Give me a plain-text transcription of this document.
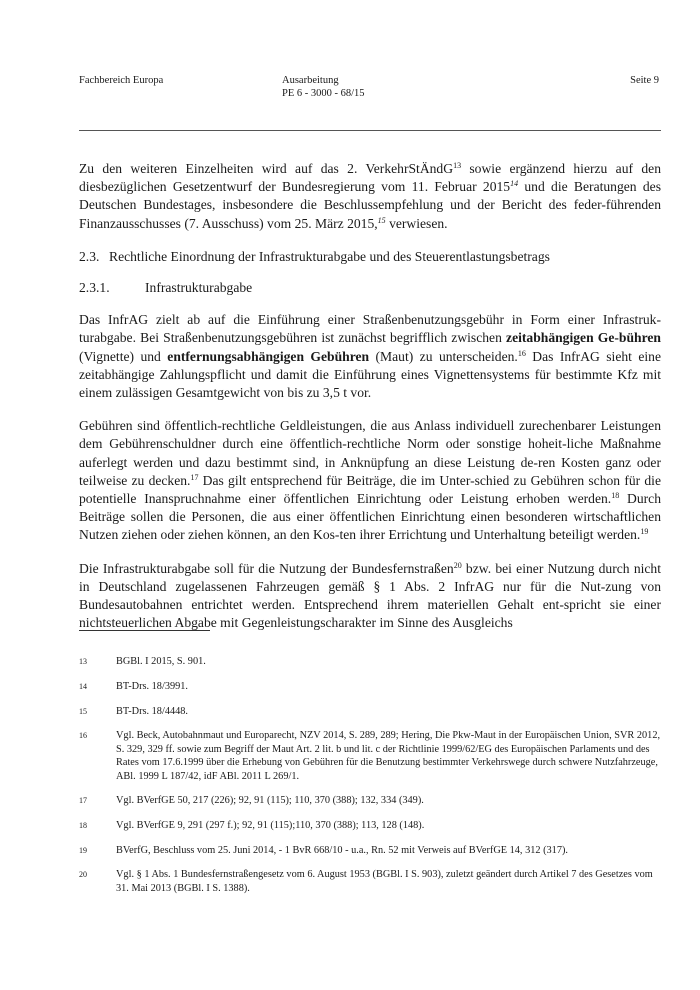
Fachbereich Europa	Ausarbeitung
PE 6 - 3000 - 68/15
Seite 9

Zu den weiteren Einzelheiten wird auf das 2. VerkehrStÄndG$^{13}$ sowie ergänzend hierzu auf den diesbezüglichen Gesetzentwurf der Bundesregierung vom 11. Februar 2015$^{14}$ und die Beratungen des Deutschen Bundestages, insbesondere die Beschlussempfehlung und der Bericht des feder-führenden Finanzausschusses (7. Ausschuss) vom 25. März 2015,15 verwiesen.

2.3. Rechtliche Einordnung der Infrastrukturabgabe und des Steuerentlastungsbetrags
2.3.1.	Infrastrukturabgabe

Das InfrAG zielt ab auf die Einführung einer Straßenbenutzungsgebühr in Form einer Infrastruk-turabgabe. Bei Straßenbenutzungsgebühren ist zunächst begrifflich zwischen zeitabhängigen Ge-bühren (Vignette) und entfernungsabhängigen Gebühren (Maut) zu unterscheiden.$^{16}$ Das InfrAG sieht eine zeitabhängige Zahlungspflicht und damit die Einführung eines Vignettensystems für bestimmte Kfz mit einem zulässigen Gesamtgewicht von bis zu 3,5 t vor.

Gebühren sind öffentlich-rechtliche Geldleistungen, die aus Anlass individuell zurechenbarer Leistungen dem Gebührenschuldner durch eine öffentlich-rechtliche Norm oder sonstige hoheit-liche Maßnahme auferlegt werden und dazu bestimmt sind, in Anknüpfung an diese Leistung de-ren Kosten ganz oder teilweise zu decken.$^{17}$ Das gilt entsprechend für Beiträge, die im Unter-schied zu Gebühren schon für die potentielle Inanspruchnahme einer öffentlichen Einrichtung oder Leistung erhoben werden.$^{18}$ Durch Beiträge sollen die Personen, die aus einer öffentlichen Einrichtung einen besonderen wirtschaftlichen Nutzen ziehen oder ziehen können, an den Kos-ten ihrer Errichtung und Unterhaltung beteiligt werden.$^{19}$

Die Infrastrukturabgabe soll für die Nutzung der Bundesfernstraßen$^{20}$ bzw. bei einer Nutzung durch nicht in Deutschland zugelassenen Fahrzeugen gemäß § 1 Abs. 2 InfrAG nur für die Nut-zung von Bundesautobahnen entrichtet werden. Entsprechend ihrem materiellen Gehalt ent-spricht sie einer nichtsteuerlichen Abgabe mit Gegenleistungscharakter im Sinne des Ausgleichs

13	BGBl. I 2015, S. 901.
14	BT-Drs. 18/3991.
15	BT-Drs. 18/4448.
16	Vgl. Beck, Autobahnmaut und Europarecht, NZV 2014, S. 289, 289; Hering, Die Pkw-Maut in der Europäischen Union, SVR 2012, S. 329, 329 ff. sowie zum Begriff der Maut Art. 2 lit. b und lit. c der Richtlinie 1999/62/EG des Europäischen Parlaments und des Rates vom 17.6.1999 über die Erhebung von Gebühren für die Benutzung bestimmter Verkehrswege durch schwere Nutzfahrzeuge, ABl. 1999 L 187/42, idF ABl. 2011 L 269/1.
17	Vgl. BVerfGE 50, 217 (226); 92, 91 (115); 110, 370 (388); 132, 334 (349).
18	Vgl. BVerfGE 9, 291 (297 f.); 92, 91 (115);110, 370 (388); 113, 128 (148).
19	BVerfG, Beschluss vom 25. Juni 2014, - 1 BvR 668/10 - u.a., Rn. 52 mit Verweis auf BVerfGE 14, 312 (317).
20	Vgl. § 1 Abs. 1 Bundesfernstraßengesetz vom 6. August 1953 (BGBl. I S. 903), zuletzt geändert durch Artikel 7 des Gesetzes vom 31. Mai 2013 (BGBl. I S. 1388).
